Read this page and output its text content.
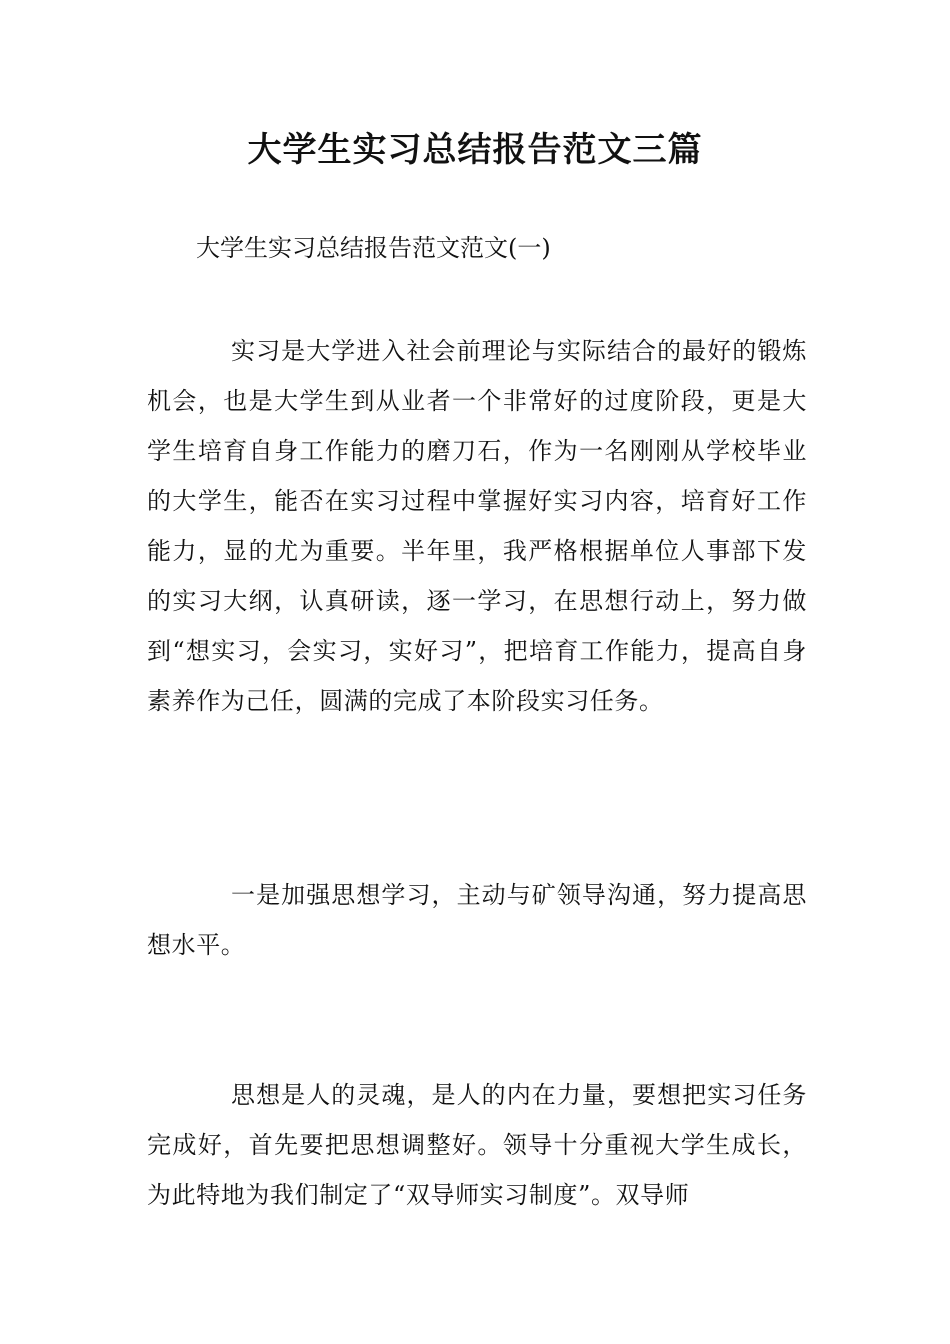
大学生实习总结报告范文三篇

大学生实习总结报告范文范文(一)

实习是大学进入社会前理论与实际结合的最好的锻炼机会，也是大学生到从业者一个非常好的过度阶段，更是大学生培育自身工作能力的磨刀石，作为一名刚刚从学校毕业的大学生，能否在实习过程中掌握好实习内容，培育好工作能力，显的尤为重要。半年里，我严格根据单位人事部下发的实习大纲，认真研读，逐一学习，在思想行动上，努力做到“想实习，会实习，实好习”，把培育工作能力，提高自身素养作为己任，圆满的完成了本阶段实习任务。

一是加强思想学习，主动与矿领导沟通，努力提高思想水平。

思想是人的灵魂，是人的内在力量，要想把实习任务完成好，首先要把思想调整好。领导十分重视大学生成长，为此特地为我们制定了“双导师实习制度”。双导师
